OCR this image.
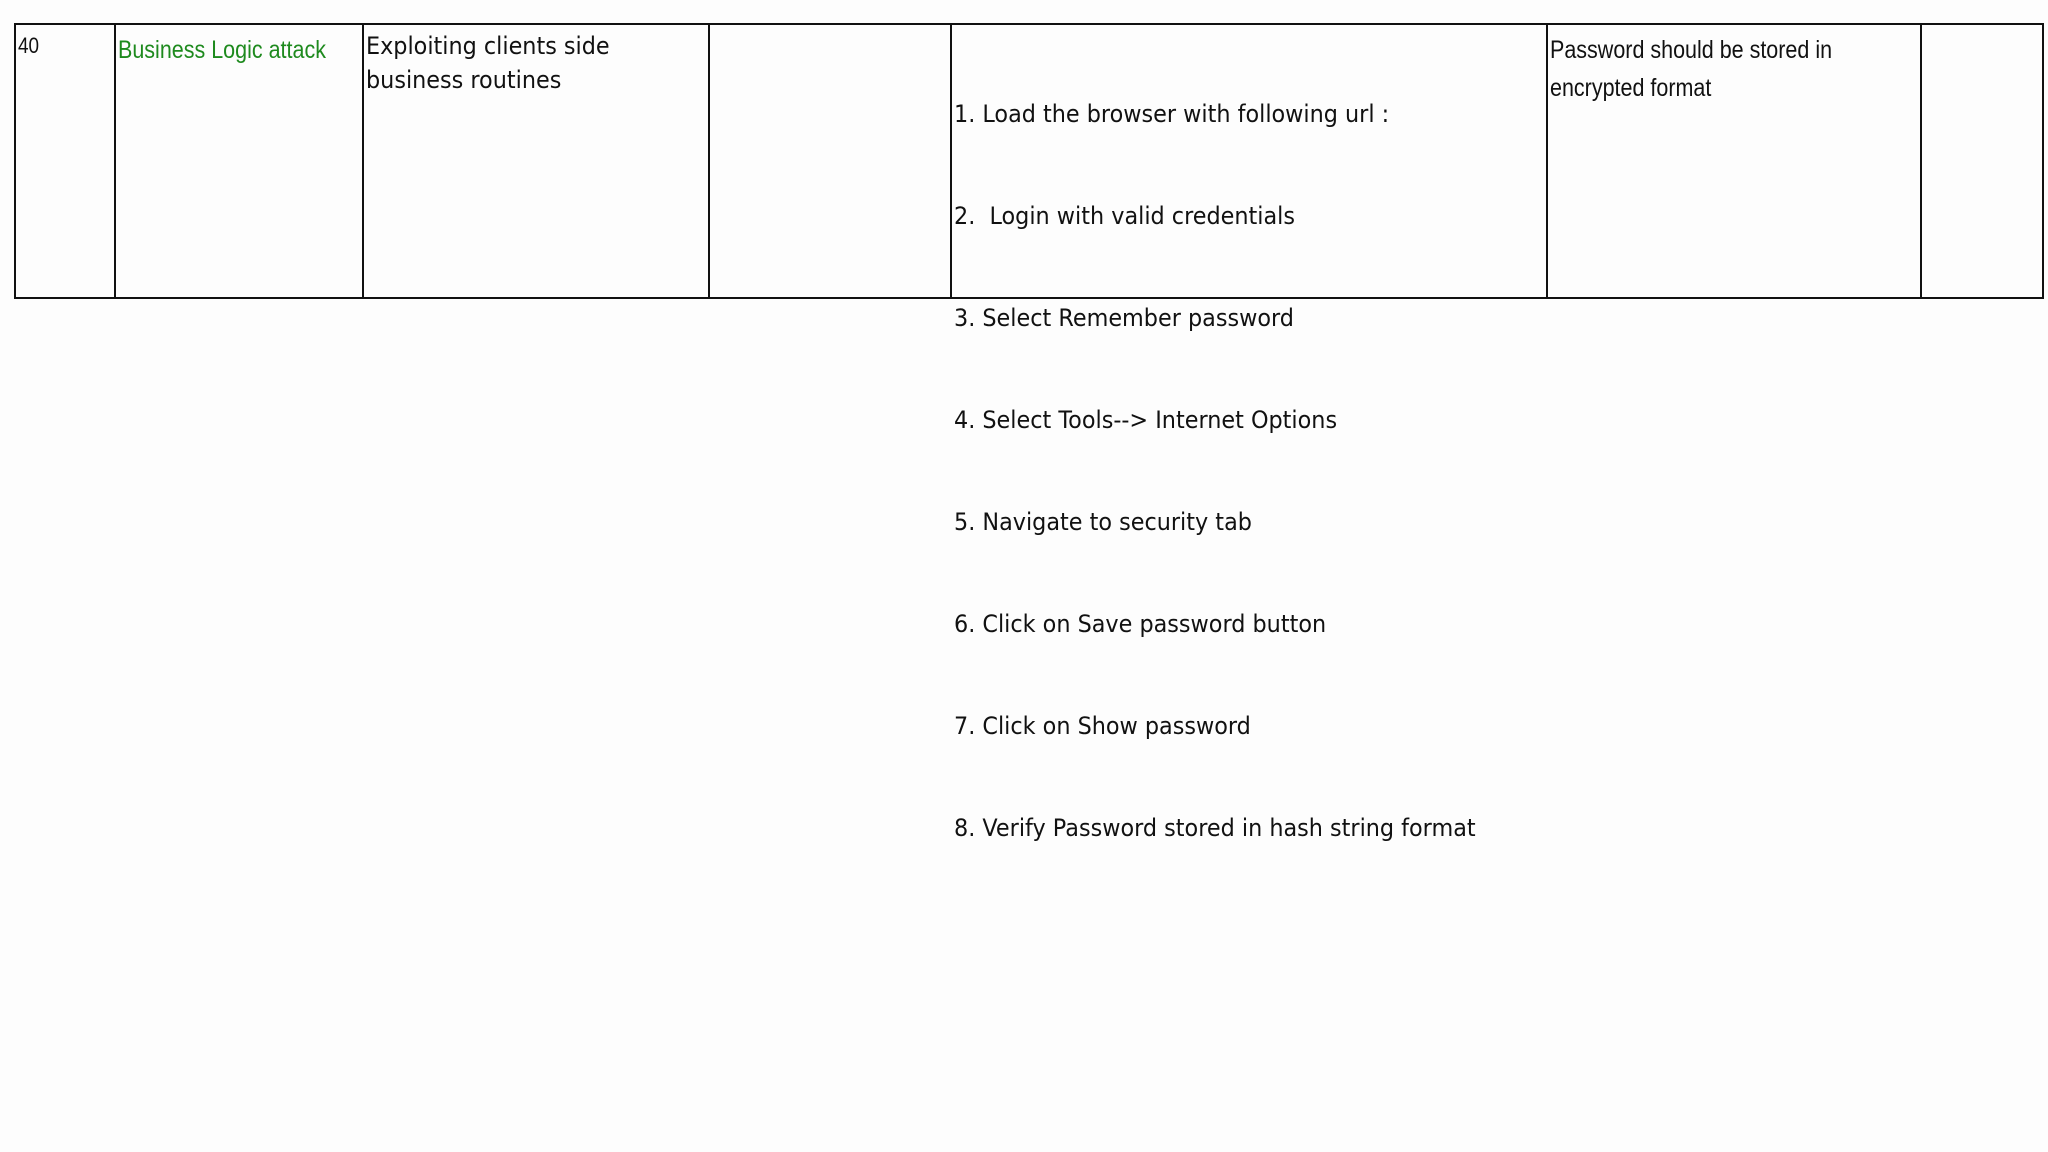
40	Business Logic attack Exploiting clients side
business routines

1. Load the browser with following url :

2.  Login with valid credentials

3. Select Remember password

4. Select Tools--> Internet Options

5. Navigate to security tab

6. Click on Save password button

7. Click on Show password

8. Verify Password stored in hash string format

Password should be stored in
encrypted format
